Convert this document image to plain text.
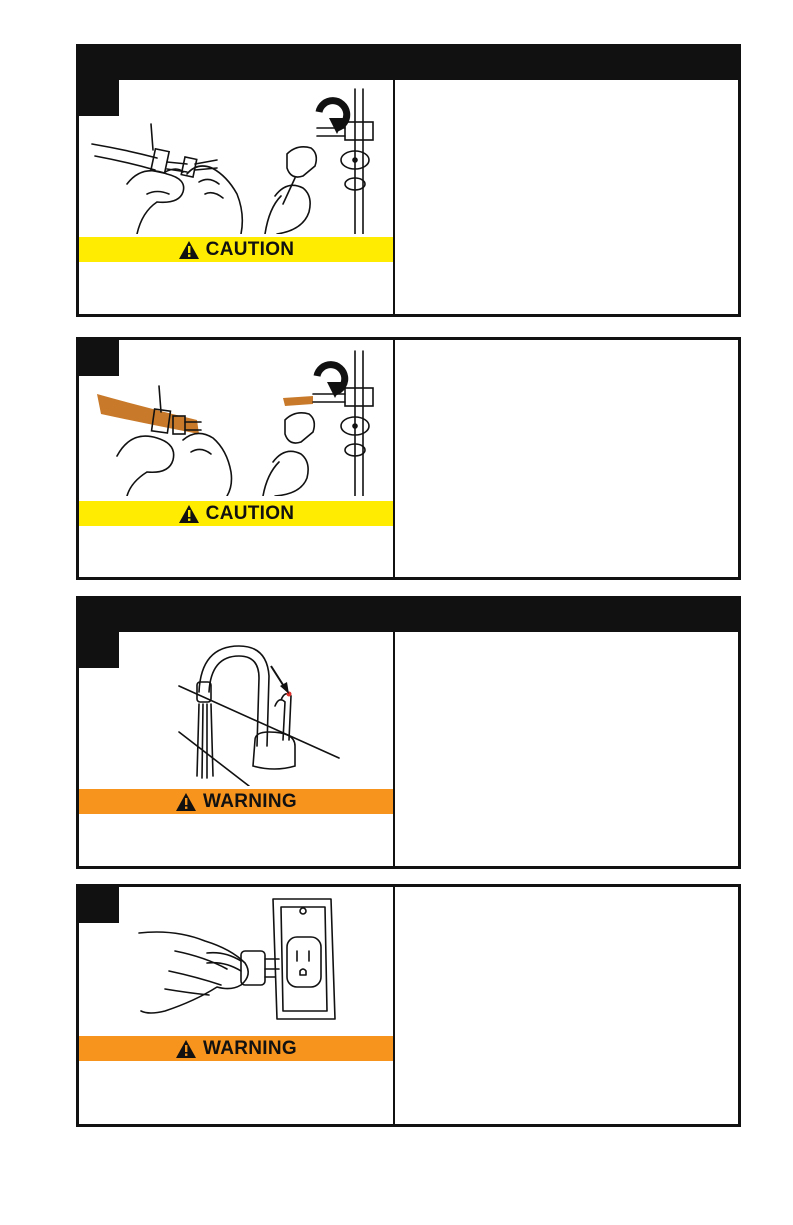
CAUTION
CAUTION
WARNING
WARNING
